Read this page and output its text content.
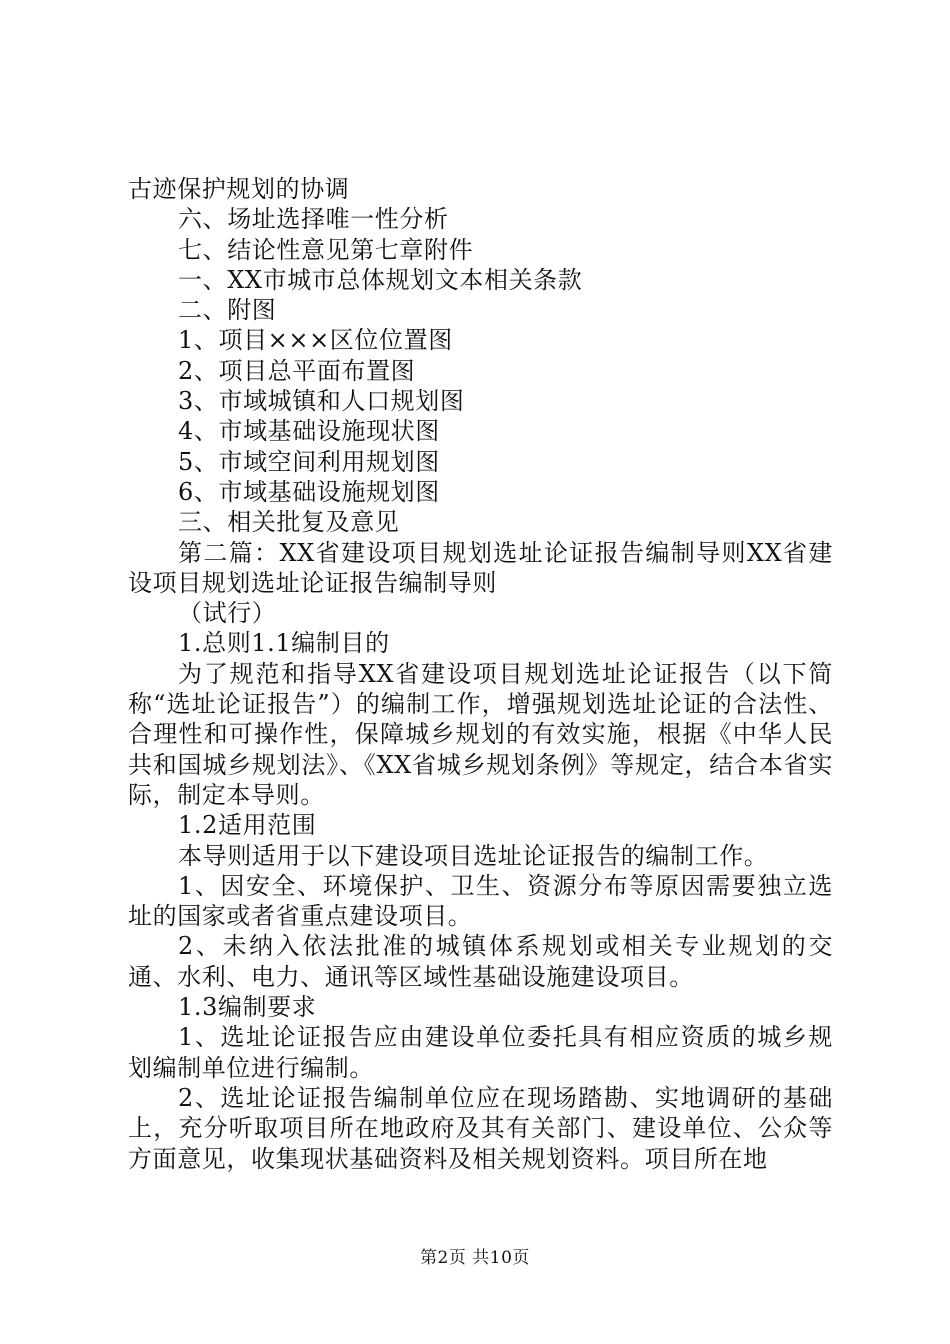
古迹保护规划的协调

六、场址选择唯一性分析

七、结论性意见第七章附件

一、XX市城市总体规划文本相关条款

二、附图

1、项目×××区位位置图

2、项目总平面布置图

3、市域城镇和人口规划图

4、市域基础设施现状图

5、市域空间利用规划图

6、市域基础设施规划图

三、相关批复及意见

第二篇：XX省建设项目规划选址论证报告编制导则XX省建设项目规划选址论证报告编制导则

（试行）

1.总则1.1编制目的

为了规范和指导XX省建设项目规划选址论证报告（以下简称“选址论证报告”）的编制工作，增强规划选址论证的合法性、合理性和可操作性，保障城乡规划的有效实施，根据《中华人民共和国城乡规划法》、《XX省城乡规划条例》等规定，结合本省实际，制定本导则。

1.2适用范围

本导则适用于以下建设项目选址论证报告的编制工作。

1、因安全、环境保护、卫生、资源分布等原因需要独立选址的国家或者省重点建设项目。

2、未纳入依法批准的城镇体系规划或相关专业规划的交通、水利、电力、通讯等区域性基础设施建设项目。

1.3编制要求

1、选址论证报告应由建设单位委托具有相应资质的城乡规划编制单位进行编制。

2、选址论证报告编制单位应在现场踏勘、实地调研的基础上，充分听取项目所在地政府及其有关部门、建设单位、公众等方面意见，收集现状基础资料及相关规划资料。项目所在地

第2页 共10页
